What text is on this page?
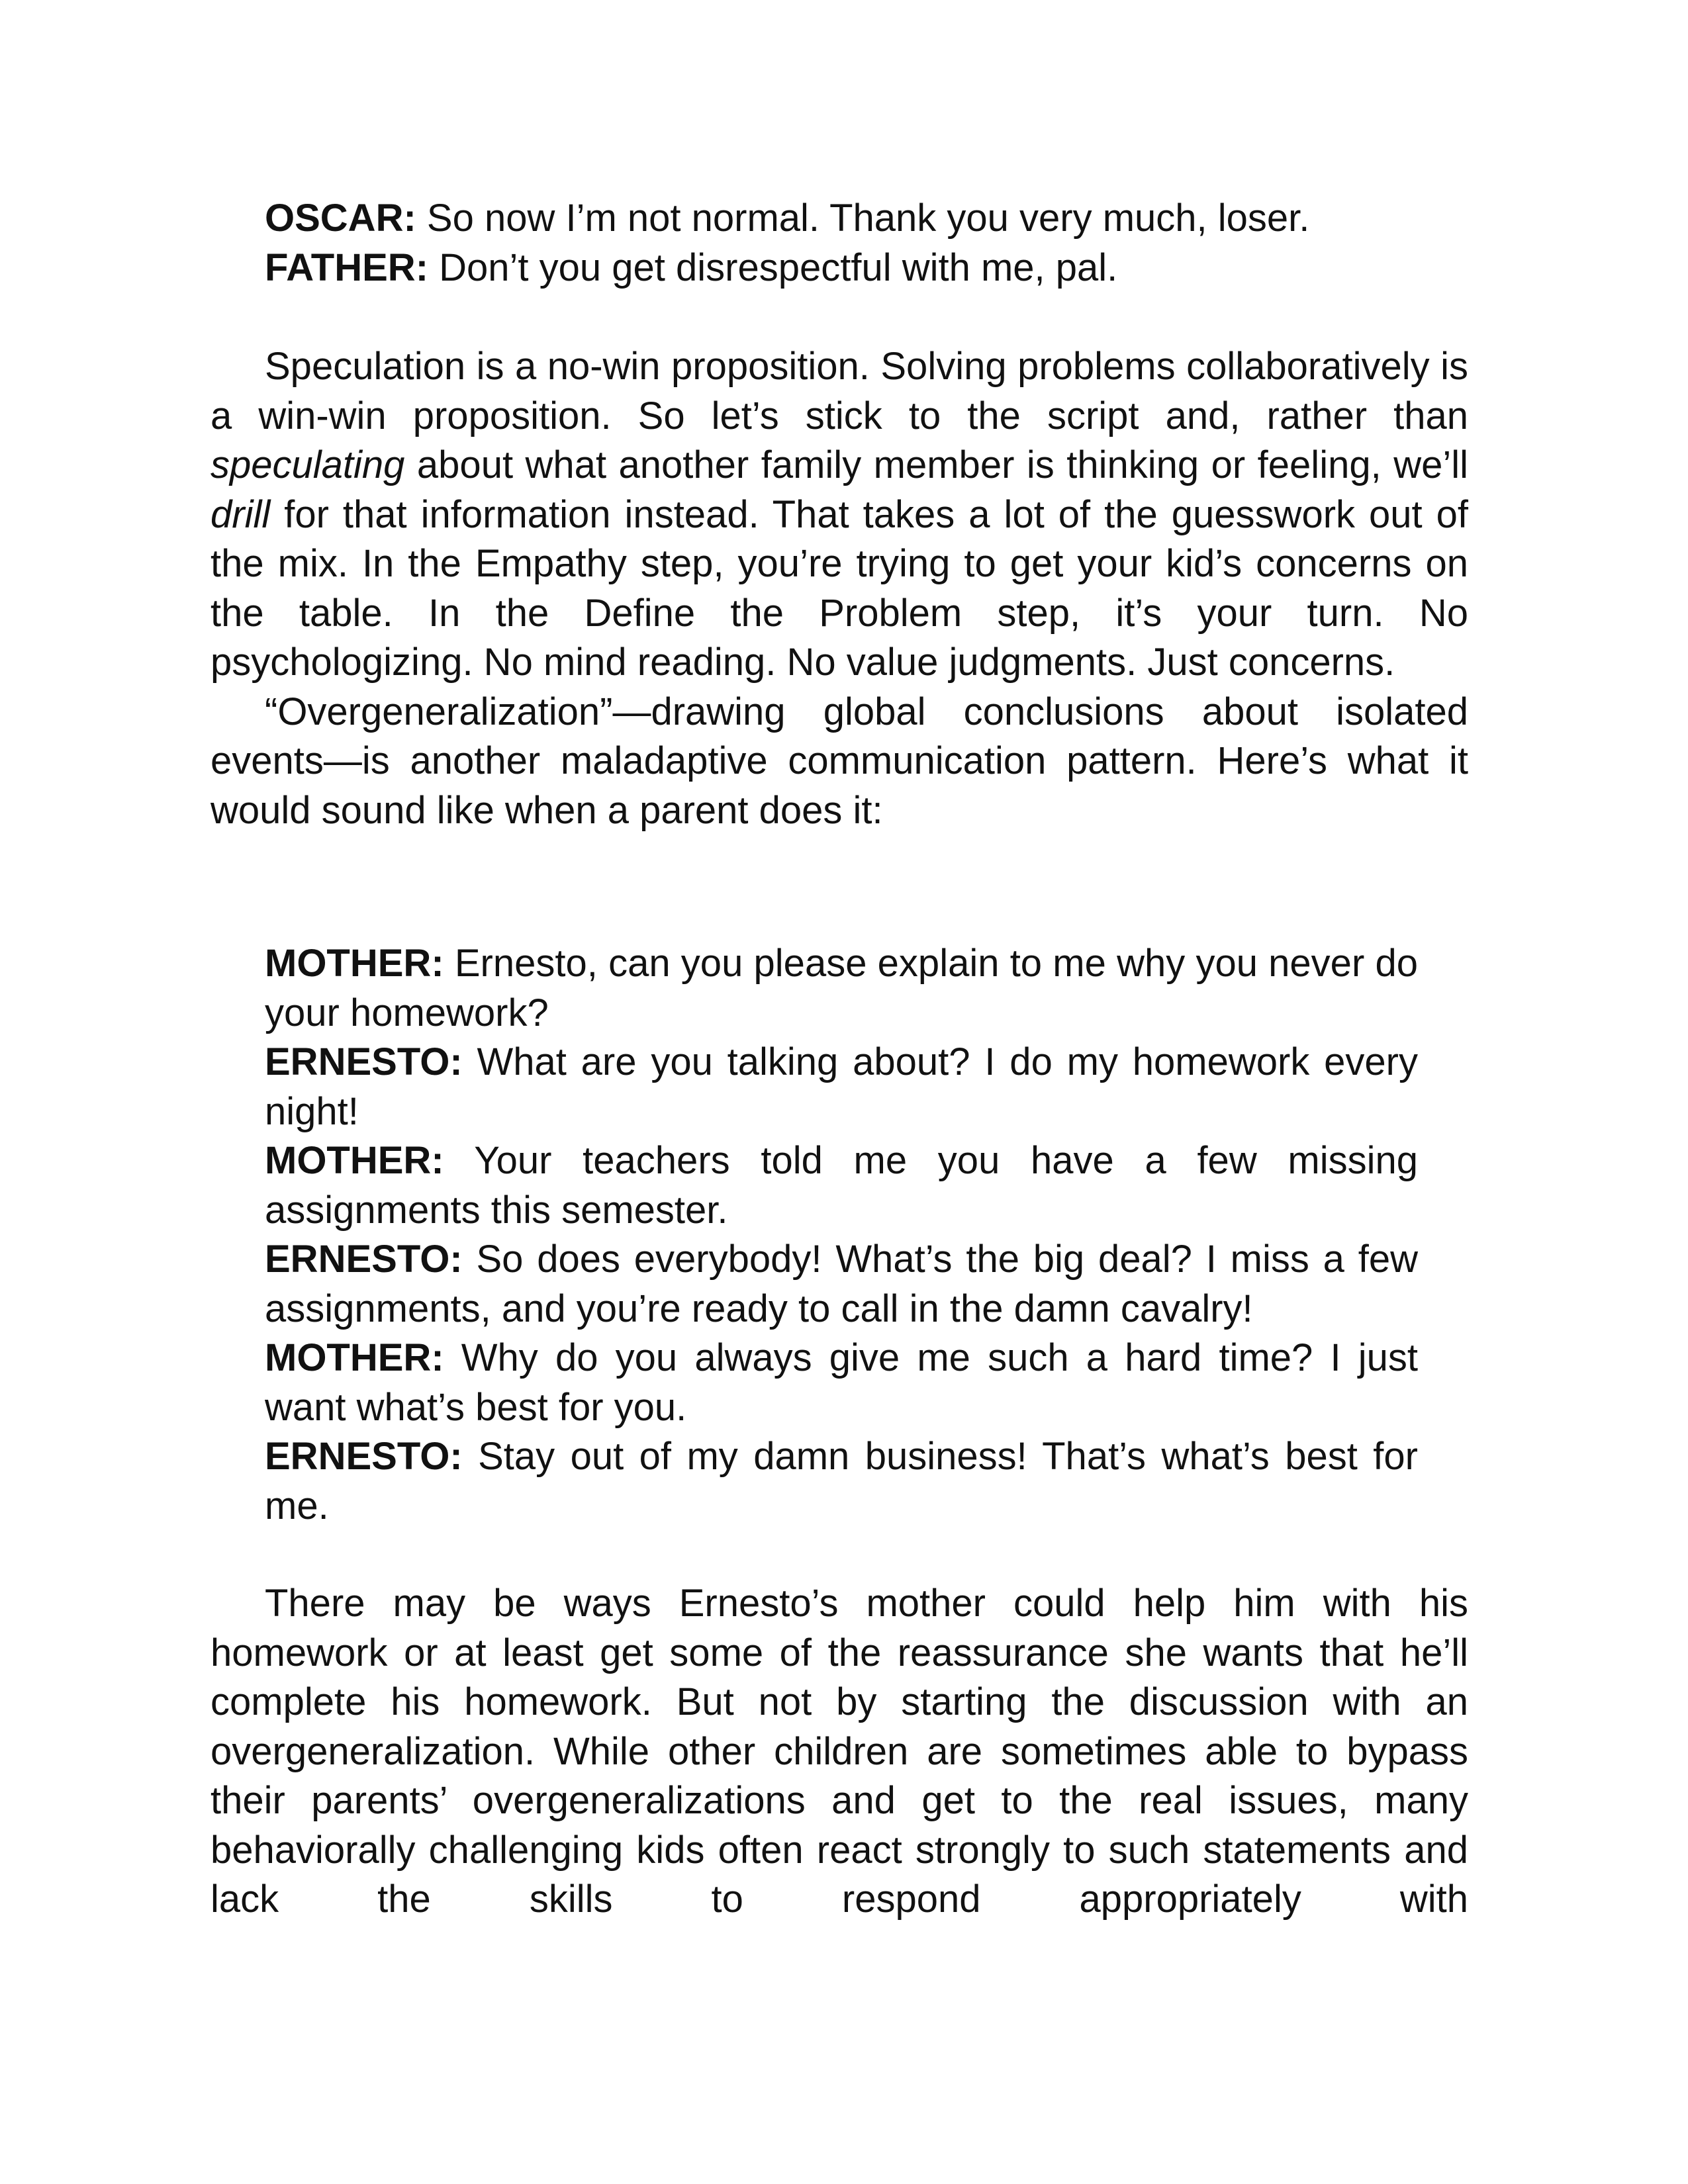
OSCAR: So now I’m not normal. Thank you very much, loser.

FATHER: Don’t you get disrespectful with me, pal.

Speculation is a no-win proposition. Solving problems collaboratively is a win-win proposition. So let’s stick to the script and, rather than speculating about what another family member is thinking or feeling, we’ll drill for that information instead. That takes a lot of the guesswork out of the mix. In the Empathy step, you’re trying to get your kid’s concerns on the table. In the Define the Problem step, it’s your turn. No psychologizing. No mind reading. No value judgments. Just concerns.

“Overgeneralization”—drawing global conclusions about isolated events—is another maladaptive communication pattern. Here’s what it would sound like when a parent does it:

MOTHER: Ernesto, can you please explain to me why you never do your homework?

ERNESTO: What are you talking about? I do my homework every night!

MOTHER: Your teachers told me you have a few missing assignments this semester.

ERNESTO: So does everybody! What’s the big deal? I miss a few assignments, and you’re ready to call in the damn cavalry!

MOTHER: Why do you always give me such a hard time? I just want what’s best for you.

ERNESTO: Stay out of my damn business! That’s what’s best for me.

There may be ways Ernesto’s mother could help him with his homework or at least get some of the reassurance she wants that he’ll complete his homework. But not by starting the discussion with an overgeneralization. While other children are sometimes able to bypass their parents’ overgeneralizations and get to the real issues, many behaviorally challenging kids often react strongly to such statements and lack the skills to respond appropriately with
